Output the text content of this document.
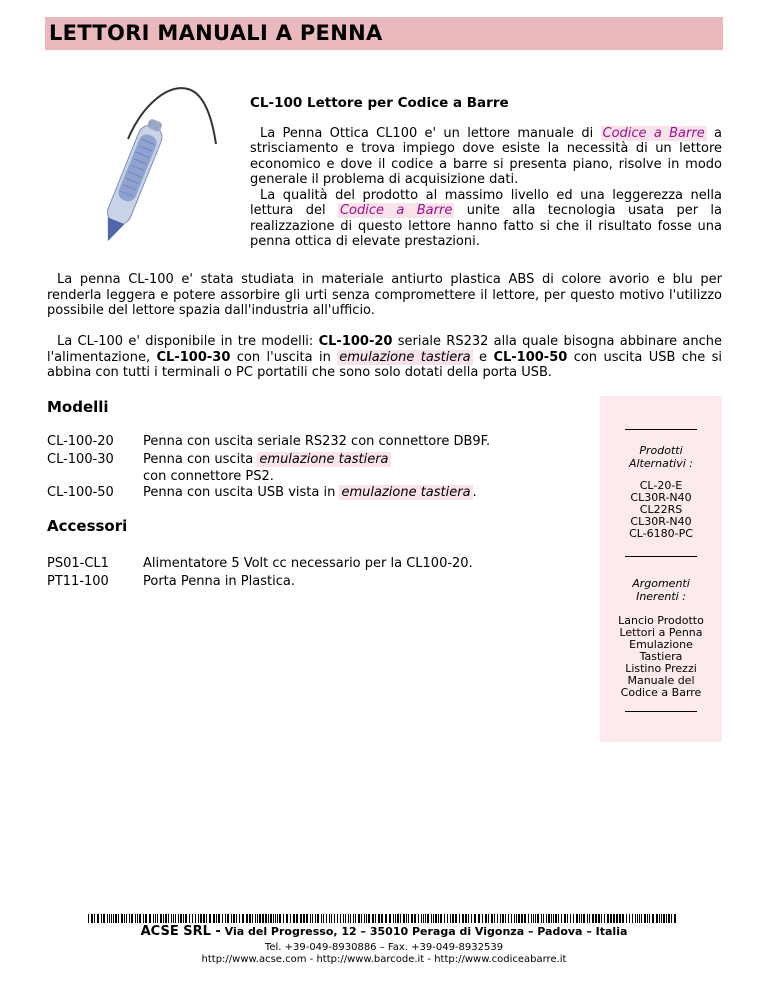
LETTORI MANUALI A PENNA
CL-100 Lettore per Codice a Barre

La Penna Ottica CL100 e' un lettore manuale di Codice a Barre a strisciamento e trova impiego dove esiste la necessità di un lettore economico e dove il codice a barre si presenta piano, risolve in modo generale il problema di acquisizione dati.

La qualità del prodotto al massimo livello ed una leggerezza nella lettura del Codice a Barre unite alla tecnologia usata per la realizzazione di questo lettore hanno fatto si che il risultato fosse una penna ottica di elevate prestazioni.

La penna CL-100 e' stata studiata in materiale antiurto plastica ABS di colore avorio e blu per renderla leggera e potere assorbire gli urti senza compromettere il lettore, per questo motivo l'utilizzo possibile del lettore spazia dall'industria all'ufficio.

La CL-100 e' disponibile in tre modelli: CL-100-20 seriale RS232 alla quale bisogna abbinare anche l'alimentazione, CL-100-30 con l'uscita in emulazione tastiera e CL-100-50 con uscita USB che si abbina con tutti i terminali o PC portatili che sono solo dotati della porta USB.

Modelli
CL-100-20	Penna con uscita seriale RS232 con connettore DB9F.
CL-100-30	Penna con uscita emulazione tastiera
con connettore PS2.
CL-100-50	Penna con uscita USB vista in emulazione tastiera .
Accessori
PS01-CL1	Alimentatore 5 Volt cc necessario per la CL100-20.
PT11-100	Porta Penna in Plastica.
Prodotti
Alternativi :
CL-20-E
CL30R-N40
CL22RS
CL30R-N40
CL-6180-PC
Argomenti
Inerenti :
Lancio Prodotto
Lettori a Penna
Emulazione
Tastiera
Listino Prezzi
Manuale del
Codice a Barre
ACSE SRL - Via del Progresso, 12 – 35010 Peraga di Vigonza – Padova – Italia
Tel. +39-049-8930886 – Fax. +39-049-8932539
http://www.acse.com - http://www.barcode.it - http://www.codiceabarre.it
